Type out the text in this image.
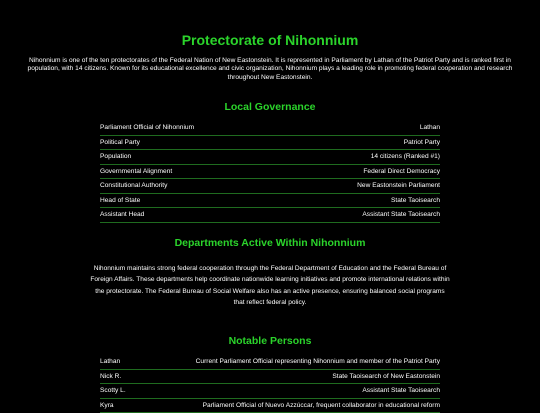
Protectorate of Nihonnium
Nihonnium is one of the ten protectorates of the Federal Nation of New Eastonstein. It is represented in Parliament by Lathan of the Patriot Party and is ranked first in population, with 14 citizens. Known for its educational excellence and civic organization, Nihonnium plays a leading role in promoting federal cooperation and research throughout New Eastonstein.
Local Governance
Parliament Official of Nihonnium	Lathan
Political Party	Patriot Party
Population	14 citizens (Ranked #1)
Governmental Alignment	Federal Direct Democracy
Constitutional Authority	New Eastonstein Parliament
Head of State	State Taoisearch
Assistant Head	Assistant State Taoisearch
Departments Active Within Nihonnium
Nihonnium maintains strong federal cooperation through the Federal Department of Education and the Federal Bureau of Foreign Affairs. These departments help coordinate nationwide learning initiatives and promote international relations within the protectorate. The Federal Bureau of Social Welfare also has an active presence, ensuring balanced social programs that reflect federal policy.
Notable Persons
Lathan	Current Parliament Official representing Nihonnium and member of the Patriot Party
Nick R.	State Taoisearch of New Eastonstein
Scotty L.	Assistant State Taoisearch
Kyra	Parliament Official of Nuevo Azzúccar, frequent collaborator in educational reform
